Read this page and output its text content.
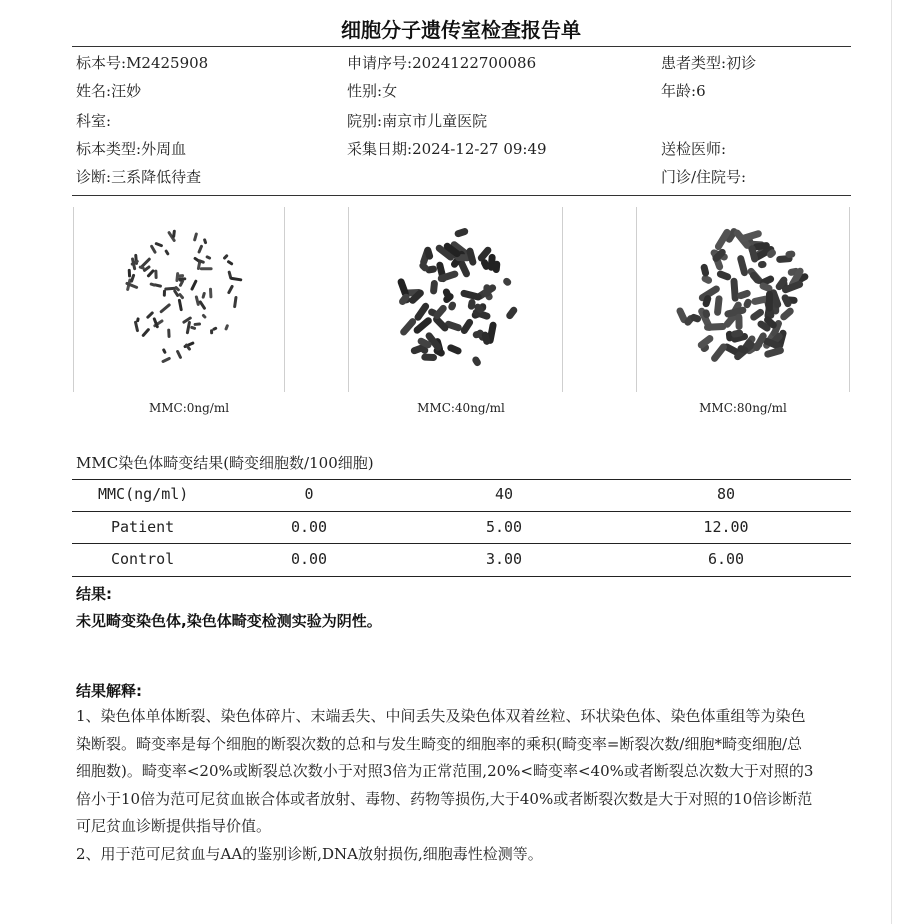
细胞分子遗传室检查报告单
标本号:M2425908	申请序号:2024122700086	患者类型:初诊
姓名:汪妙	性别:女	年龄:6
科室:	院别:南京市儿童医院
标本类型:外周血	采集日期:2024-12-27 09:49	送检医师:
诊断:三系降低待查	门诊/住院号:
MMC:0ng/ml	MMC:40ng/ml	MMC:80ng/ml
MMC染色体畸变结果(畸变细胞数/100细胞)
MMC(ng/ml)	0	40	80
Patient	0.00	5.00	12.00
Control	0.00	3.00	6.00
结果:
未见畸变染色体,染色体畸变检测实验为阴性。
结果解释:

1、染色体单体断裂、染色体碎片、末端丢失、中间丢失及染色体双着丝粒、环状染色体、染色体重组等为染色染断裂。畸变率是每个细胞的断裂次数的总和与发生畸变的细胞率的乘积(畸变率=断裂次数/细胞*畸变细胞/总细胞数)。畸变率<20%或断裂总次数小于对照3倍为正常范围,20%<畸变率<40%或者断裂总次数大于对照的3倍小于10倍为范可尼贫血嵌合体或者放射、毒物、药物等损伤,大于40%或者断裂次数是大于对照的10倍诊断范可尼贫血诊断提供指导价值。

2、用于范可尼贫血与AA的鉴别诊断,DNA放射损伤,细胞毒性检测等。
